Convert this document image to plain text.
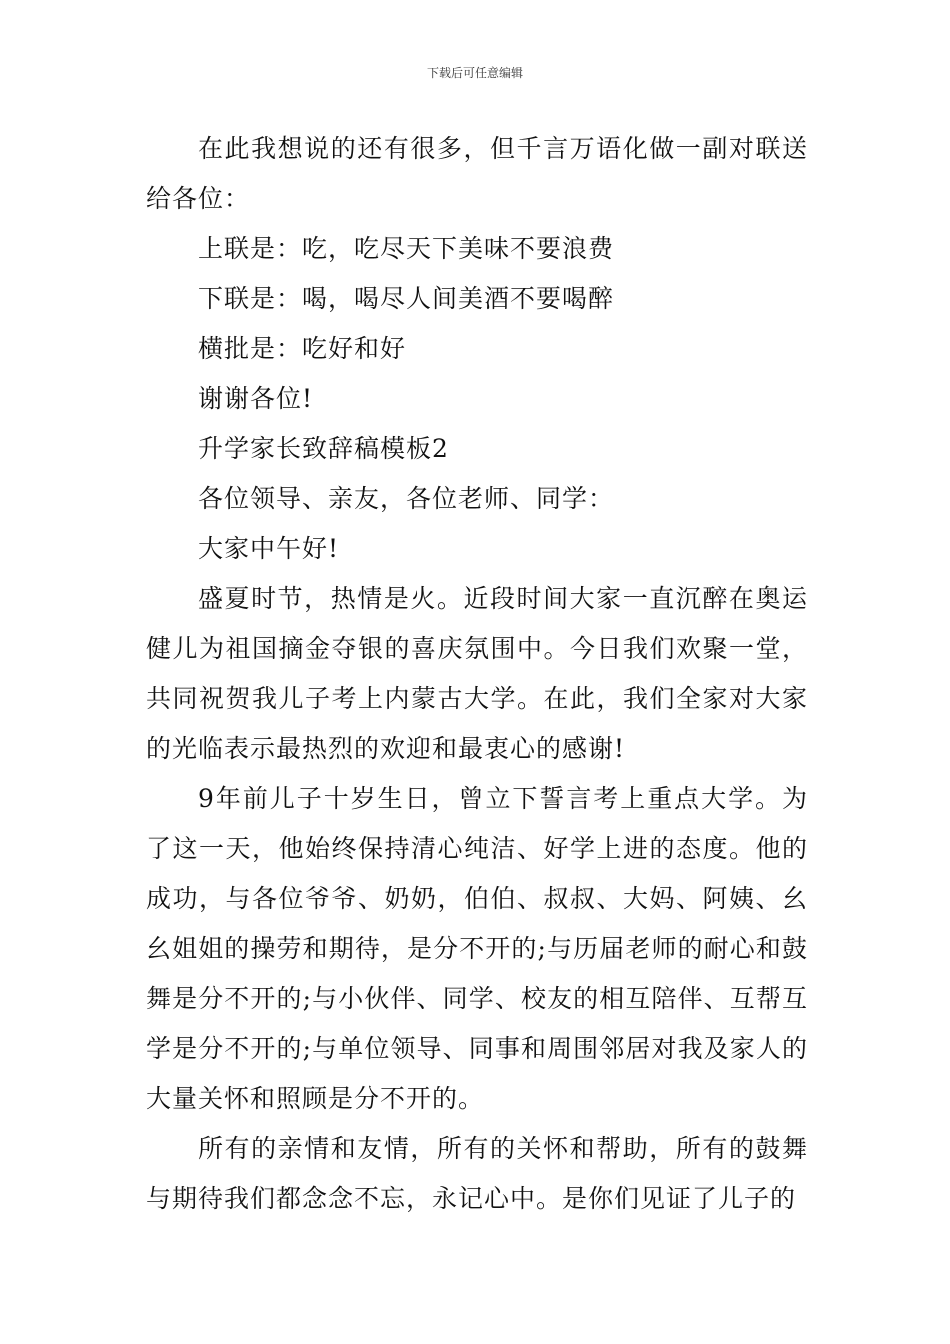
下载后可任意编辑

在此我想说的还有很多，但千言万语化做一副对联送给各位：

上联是：吃，吃尽天下美味不要浪费

下联是：喝，喝尽人间美酒不要喝醉

横批是：吃好和好

谢谢各位!

升学家长致辞稿模板2

各位领导、亲友，各位老师、同学：

大家中午好!

盛夏时节，热情是火。近段时间大家一直沉醉在奥运健儿为祖国摘金夺银的喜庆氛围中。今日我们欢聚一堂，共同祝贺我儿子考上内蒙古大学。在此，我们全家对大家的光临表示最热烈的欢迎和最衷心的感谢!

9年前儿子十岁生日，曾立下誓言考上重点大学。为了这一天，他始终保持清心纯洁、好学上进的态度。他的成功，与各位爷爷、奶奶，伯伯、叔叔、大妈、阿姨、幺幺姐姐的操劳和期待，是分不开的;与历届老师的耐心和鼓舞是分不开的;与小伙伴、同学、校友的相互陪伴、互帮互学是分不开的;与单位领导、同事和周围邻居对我及家人的大量关怀和照顾是分不开的。

所有的亲情和友情，所有的关怀和帮助，所有的鼓舞与期待我们都念念不忘，永记心中。是你们见证了儿子的
